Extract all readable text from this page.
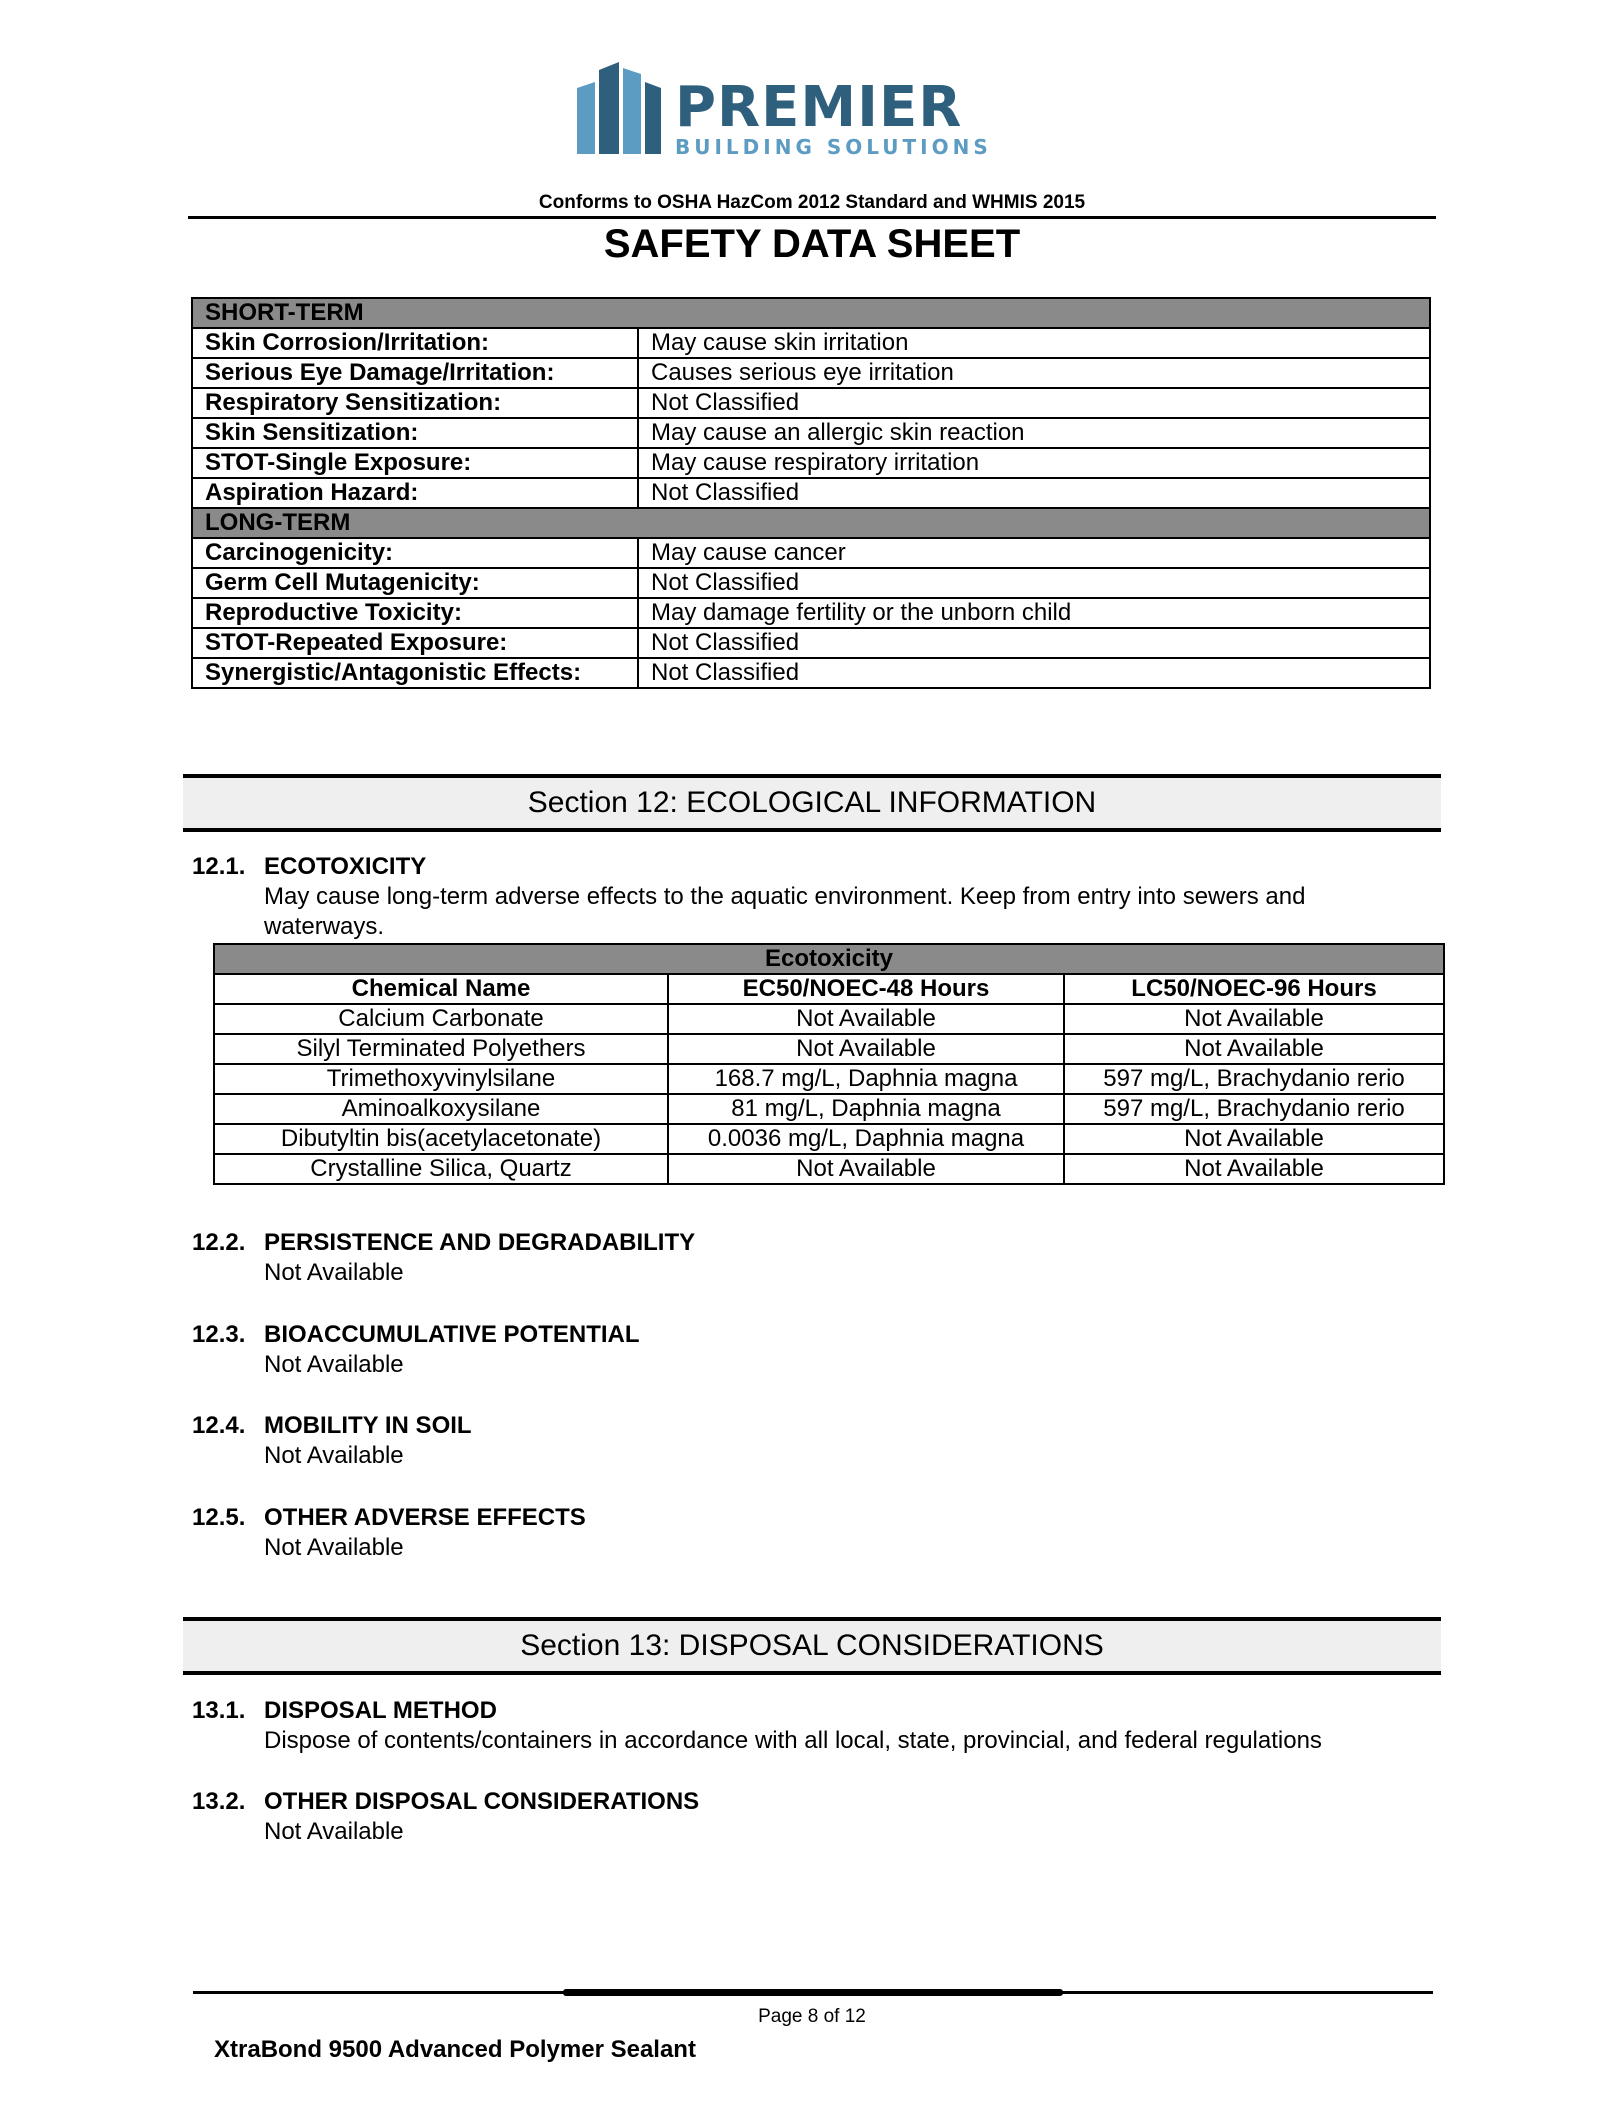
PREMIER
BUILDING SOLUTIONS
Conforms to OSHA HazCom 2012 Standard and WHMIS 2015
SAFETY DATA SHEET
SHORT-TERM	
Skin Corrosion/Irritation:	May cause skin irritation
Serious Eye Damage/Irritation:	Causes serious eye irritation
Respiratory Sensitization:	Not Classified
Skin Sensitization:	May cause an allergic skin reaction
STOT-Single Exposure:	May cause respiratory irritation
Aspiration Hazard:	Not Classified
LONG-TERM	
Carcinogenicity:	May cause cancer
Germ Cell Mutagenicity:	Not Classified
Reproductive Toxicity:	May damage fertility or the unborn child
STOT-Repeated Exposure:	Not Classified
Synergistic/Antagonistic Effects:	Not Classified
Section 12: ECOLOGICAL INFORMATION
12.1. ECOTOXICITY
May cause long-term adverse effects to the aquatic environment. Keep from entry into sewers and
waterways.
Ecotoxicity		
Chemical Name	EC50/NOEC-48 Hours	LC50/NOEC-96 Hours
Calcium Carbonate	Not Available	Not Available
Silyl Terminated Polyethers	Not Available	Not Available
Trimethoxyvinylsilane	168.7 mg/L, Daphnia magna	597 mg/L, Brachydanio rerio
Aminoalkoxysilane	81 mg/L, Daphnia magna	597 mg/L, Brachydanio rerio
Dibutyltin bis(acetylacetonate)	0.0036 mg/L, Daphnia magna	Not Available
Crystalline Silica, Quartz	Not Available	Not Available
12.2. PERSISTENCE AND DEGRADABILITY
Not Available
12.3. BIOACCUMULATIVE POTENTIAL
Not Available
12.4. MOBILITY IN SOIL
Not Available
12.5. OTHER ADVERSE EFFECTS
Not Available
Section 13: DISPOSAL CONSIDERATIONS
13.1. DISPOSAL METHOD
Dispose of contents/containers in accordance with all local, state, provincial, and federal regulations
13.2. OTHER DISPOSAL CONSIDERATIONS
Not Available
Page 8 of 12
XtraBond 9500 Advanced Polymer Sealant
